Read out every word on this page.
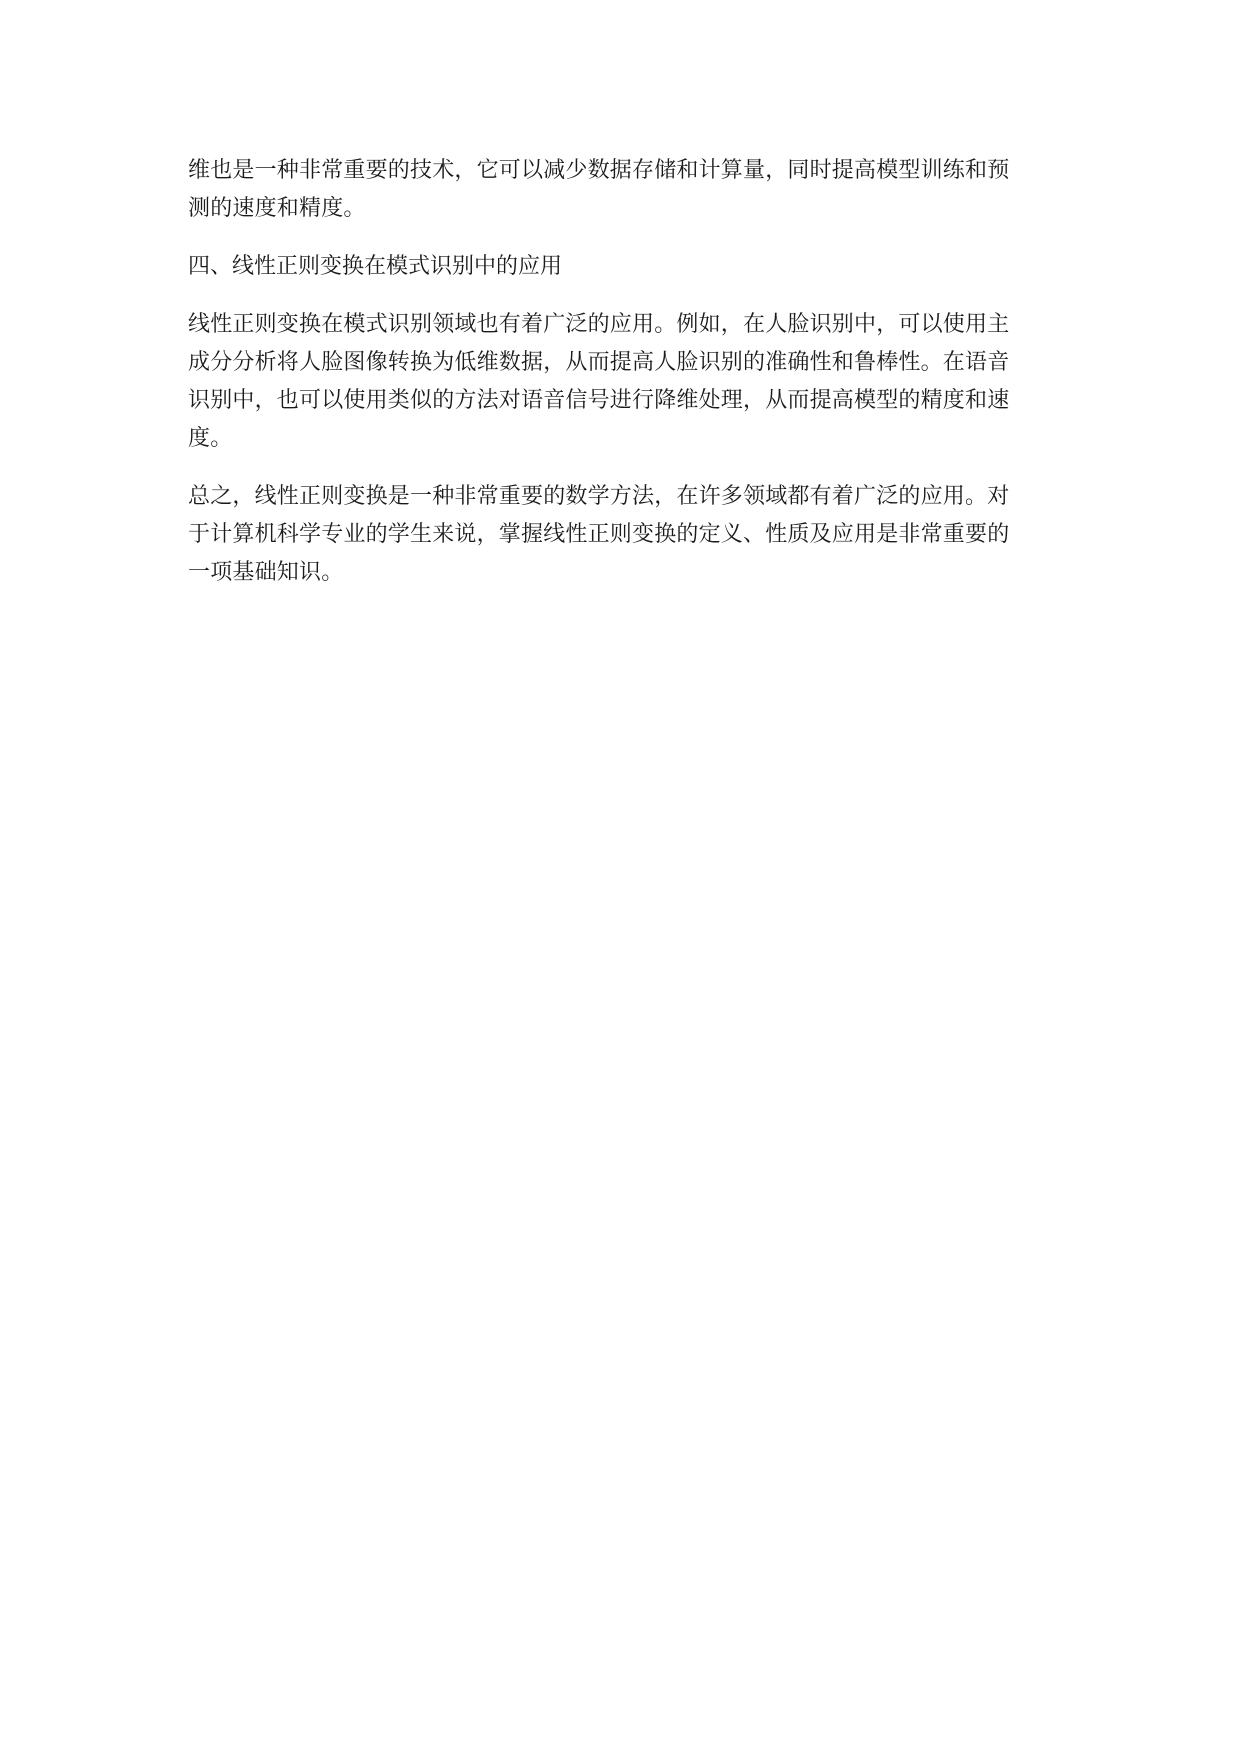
维也是一种非常重要的技术，它可以减少数据存储和计算量，同时提高模型训练和预
测的速度和精度。

四、线性正则变换在模式识别中的应用

线性正则变换在模式识别领域也有着广泛的应用。例如，在人脸识别中，可以使用主
成分分析将人脸图像转换为低维数据，从而提高人脸识别的准确性和鲁棒性。在语音
识别中，也可以使用类似的方法对语音信号进行降维处理，从而提高模型的精度和速
度。

总之，线性正则变换是一种非常重要的数学方法，在许多领域都有着广泛的应用。对
于计算机科学专业的学生来说，掌握线性正则变换的定义、性质及应用是非常重要的
一项基础知识。
